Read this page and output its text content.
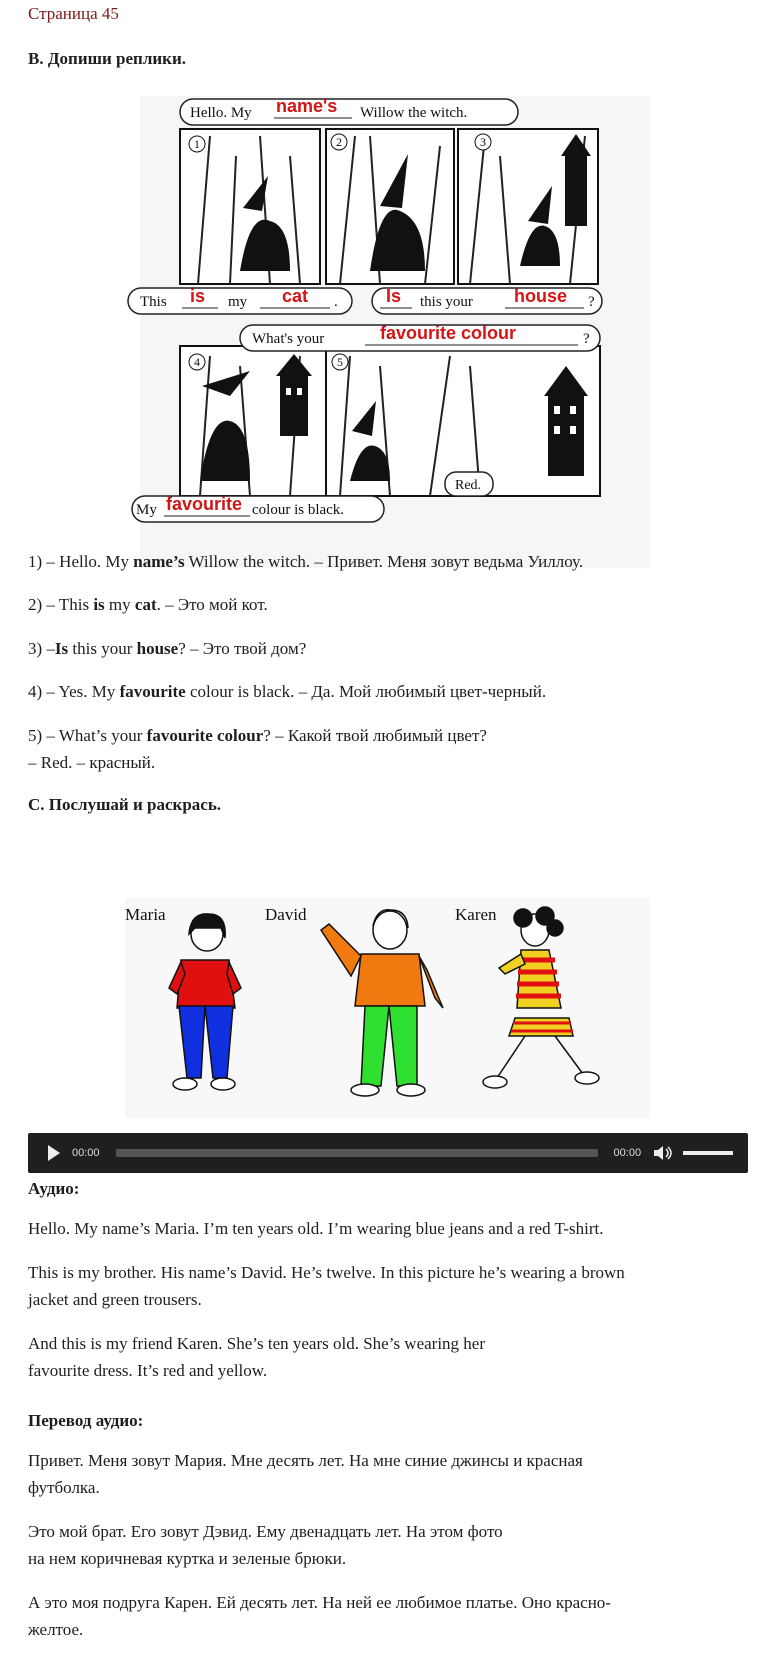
Страница 45
B. Допиши реплики.
1	2	3
4	5
Hello. My name's Willow the witch.
This is my cat .	Is this your house ?
What's your	favourite colour	?
Red.
My favourite colour is black.
1) – Hello. My name’s Willow the witch. – Привет. Меня зовут ведьма Уиллоу.
2) – This is my cat. – Это мой кот.
3) –Is this your house? – Это твой дом?
4) – Yes. My favourite colour is black. – Да. Мой любимый цвет-черный.
5) – What’s your favourite colour? – Какой твой любимый цвет?
– Red. – красный.
C. Послушай и раскрась.
Maria	David	Karen
00:00	00:00
Аудио:
Hello. My name’s Maria. I’m ten years old. I’m wearing blue jeans and a red T-shirt.
This is my brother. His name’s David. He’s twelve. In this picture he’s wearing a brown
jacket and green trousers.
And this is my friend Karen. She’s ten years old. She’s wearing her
favourite dress. It’s red and yellow.
Перевод аудио:
Привет. Меня зовут Мария. Мне десять лет. На мне синие джинсы и красная
футболка.
Это мой брат. Его зовут Дэвид. Ему двенадцать лет. На этом фото
на нем коричневая куртка и зеленые брюки.
А это моя подруга Карен. Ей десять лет. На ней ее любимое платье. Оно красно-
желтое.
